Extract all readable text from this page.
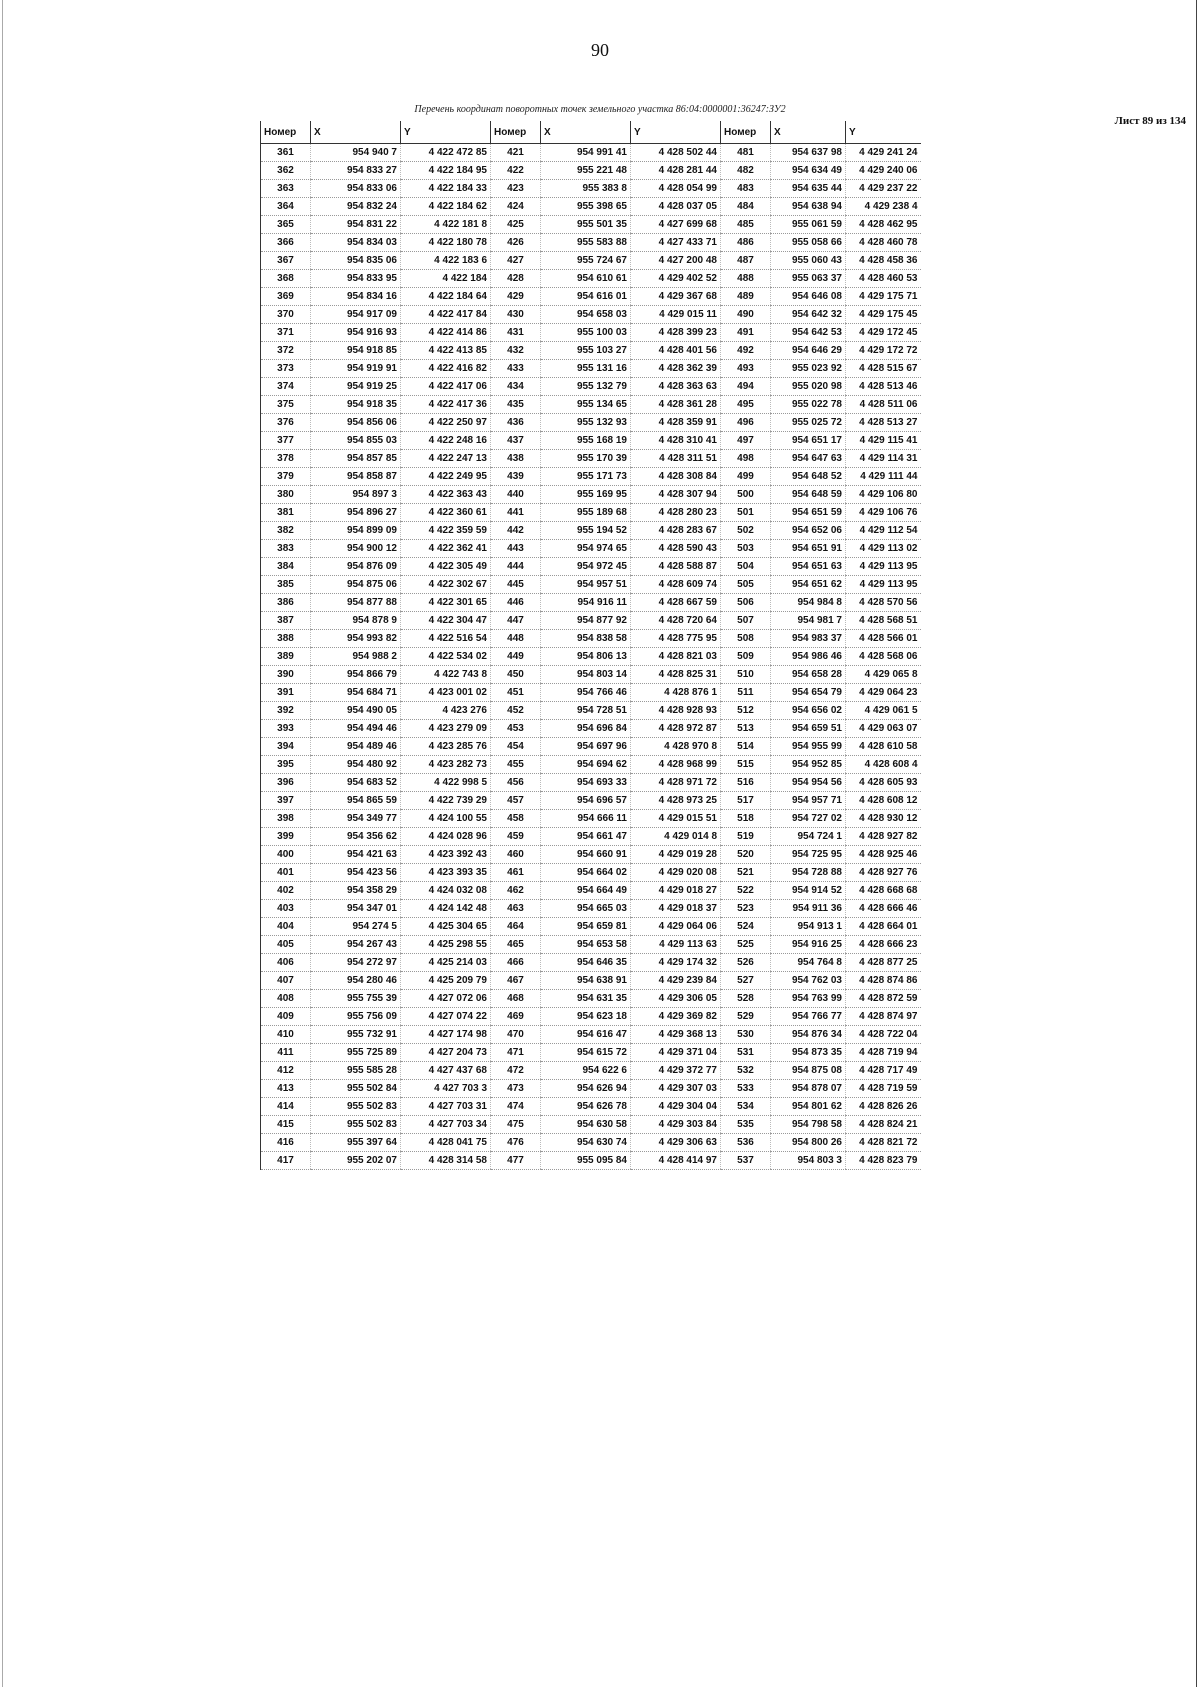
90
Перечень координат поворотных точек земельного участка 86:04:0000001:36247:ЗУ2
Лист 89 из 134
Номер	X	Y	Номер	X	Y	Номер	X	Y
361	954 940 7	4 422 472 85	421	954 991 41	4 428 502 44	481	954 637 98	4 429 241 24
362	954 833 27	4 422 184 95	422	955 221 48	4 428 281 44	482	954 634 49	4 429 240 06
363	954 833 06	4 422 184 33	423	955 383 8	4 428 054 99	483	954 635 44	4 429 237 22
364	954 832 24	4 422 184 62	424	955 398 65	4 428 037 05	484	954 638 94	4 429 238 4
365	954 831 22	4 422 181 8	425	955 501 35	4 427 699 68	485	955 061 59	4 428 462 95
366	954 834 03	4 422 180 78	426	955 583 88	4 427 433 71	486	955 058 66	4 428 460 78
367	954 835 06	4 422 183 6	427	955 724 67	4 427 200 48	487	955 060 43	4 428 458 36
368	954 833 95	4 422 184	428	954 610 61	4 429 402 52	488	955 063 37	4 428 460 53
369	954 834 16	4 422 184 64	429	954 616 01	4 429 367 68	489	954 646 08	4 429 175 71
370	954 917 09	4 422 417 84	430	954 658 03	4 429 015 11	490	954 642 32	4 429 175 45
371	954 916 93	4 422 414 86	431	955 100 03	4 428 399 23	491	954 642 53	4 429 172 45
372	954 918 85	4 422 413 85	432	955 103 27	4 428 401 56	492	954 646 29	4 429 172 72
373	954 919 91	4 422 416 82	433	955 131 16	4 428 362 39	493	955 023 92	4 428 515 67
374	954 919 25	4 422 417 06	434	955 132 79	4 428 363 63	494	955 020 98	4 428 513 46
375	954 918 35	4 422 417 36	435	955 134 65	4 428 361 28	495	955 022 78	4 428 511 06
376	954 856 06	4 422 250 97	436	955 132 93	4 428 359 91	496	955 025 72	4 428 513 27
377	954 855 03	4 422 248 16	437	955 168 19	4 428 310 41	497	954 651 17	4 429 115 41
378	954 857 85	4 422 247 13	438	955 170 39	4 428 311 51	498	954 647 63	4 429 114 31
379	954 858 87	4 422 249 95	439	955 171 73	4 428 308 84	499	954 648 52	4 429 111 44
380	954 897 3	4 422 363 43	440	955 169 95	4 428 307 94	500	954 648 59	4 429 106 80
381	954 896 27	4 422 360 61	441	955 189 68	4 428 280 23	501	954 651 59	4 429 106 76
382	954 899 09	4 422 359 59	442	955 194 52	4 428 283 67	502	954 652 06	4 429 112 54
383	954 900 12	4 422 362 41	443	954 974 65	4 428 590 43	503	954 651 91	4 429 113 02
384	954 876 09	4 422 305 49	444	954 972 45	4 428 588 87	504	954 651 63	4 429 113 95
385	954 875 06	4 422 302 67	445	954 957 51	4 428 609 74	505	954 651 62	4 429 113 95
386	954 877 88	4 422 301 65	446	954 916 11	4 428 667 59	506	954 984 8	4 428 570 56
387	954 878 9	4 422 304 47	447	954 877 92	4 428 720 64	507	954 981 7	4 428 568 51
388	954 993 82	4 422 516 54	448	954 838 58	4 428 775 95	508	954 983 37	4 428 566 01
389	954 988 2	4 422 534 02	449	954 806 13	4 428 821 03	509	954 986 46	4 428 568 06
390	954 866 79	4 422 743 8	450	954 803 14	4 428 825 31	510	954 658 28	4 429 065 8
391	954 684 71	4 423 001 02	451	954 766 46	4 428 876 1	511	954 654 79	4 429 064 23
392	954 490 05	4 423 276	452	954 728 51	4 428 928 93	512	954 656 02	4 429 061 5
393	954 494 46	4 423 279 09	453	954 696 84	4 428 972 87	513	954 659 51	4 429 063 07
394	954 489 46	4 423 285 76	454	954 697 96	4 428 970 8	514	954 955 99	4 428 610 58
395	954 480 92	4 423 282 73	455	954 694 62	4 428 968 99	515	954 952 85	4 428 608 4
396	954 683 52	4 422 998 5	456	954 693 33	4 428 971 72	516	954 954 56	4 428 605 93
397	954 865 59	4 422 739 29	457	954 696 57	4 428 973 25	517	954 957 71	4 428 608 12
398	954 349 77	4 424 100 55	458	954 666 11	4 429 015 51	518	954 727 02	4 428 930 12
399	954 356 62	4 424 028 96	459	954 661 47	4 429 014 8	519	954 724 1	4 428 927 82
400	954 421 63	4 423 392 43	460	954 660 91	4 429 019 28	520	954 725 95	4 428 925 46
401	954 423 56	4 423 393 35	461	954 664 02	4 429 020 08	521	954 728 88	4 428 927 76
402	954 358 29	4 424 032 08	462	954 664 49	4 429 018 27	522	954 914 52	4 428 668 68
403	954 347 01	4 424 142 48	463	954 665 03	4 429 018 37	523	954 911 36	4 428 666 46
404	954 274 5	4 425 304 65	464	954 659 81	4 429 064 06	524	954 913 1	4 428 664 01
405	954 267 43	4 425 298 55	465	954 653 58	4 429 113 63	525	954 916 25	4 428 666 23
406	954 272 97	4 425 214 03	466	954 646 35	4 429 174 32	526	954 764 8	4 428 877 25
407	954 280 46	4 425 209 79	467	954 638 91	4 429 239 84	527	954 762 03	4 428 874 86
408	955 755 39	4 427 072 06	468	954 631 35	4 429 306 05	528	954 763 99	4 428 872 59
409	955 756 09	4 427 074 22	469	954 623 18	4 429 369 82	529	954 766 77	4 428 874 97
410	955 732 91	4 427 174 98	470	954 616 47	4 429 368 13	530	954 876 34	4 428 722 04
411	955 725 89	4 427 204 73	471	954 615 72	4 429 371 04	531	954 873 35	4 428 719 94
412	955 585 28	4 427 437 68	472	954 622 6	4 429 372 77	532	954 875 08	4 428 717 49
413	955 502 84	4 427 703 3	473	954 626 94	4 429 307 03	533	954 878 07	4 428 719 59
414	955 502 83	4 427 703 31	474	954 626 78	4 429 304 04	534	954 801 62	4 428 826 26
415	955 502 83	4 427 703 34	475	954 630 58	4 429 303 84	535	954 798 58	4 428 824 21
416	955 397 64	4 428 041 75	476	954 630 74	4 429 306 63	536	954 800 26	4 428 821 72
417	955 202 07	4 428 314 58	477	955 095 84	4 428 414 97	537	954 803 3	4 428 823 79
